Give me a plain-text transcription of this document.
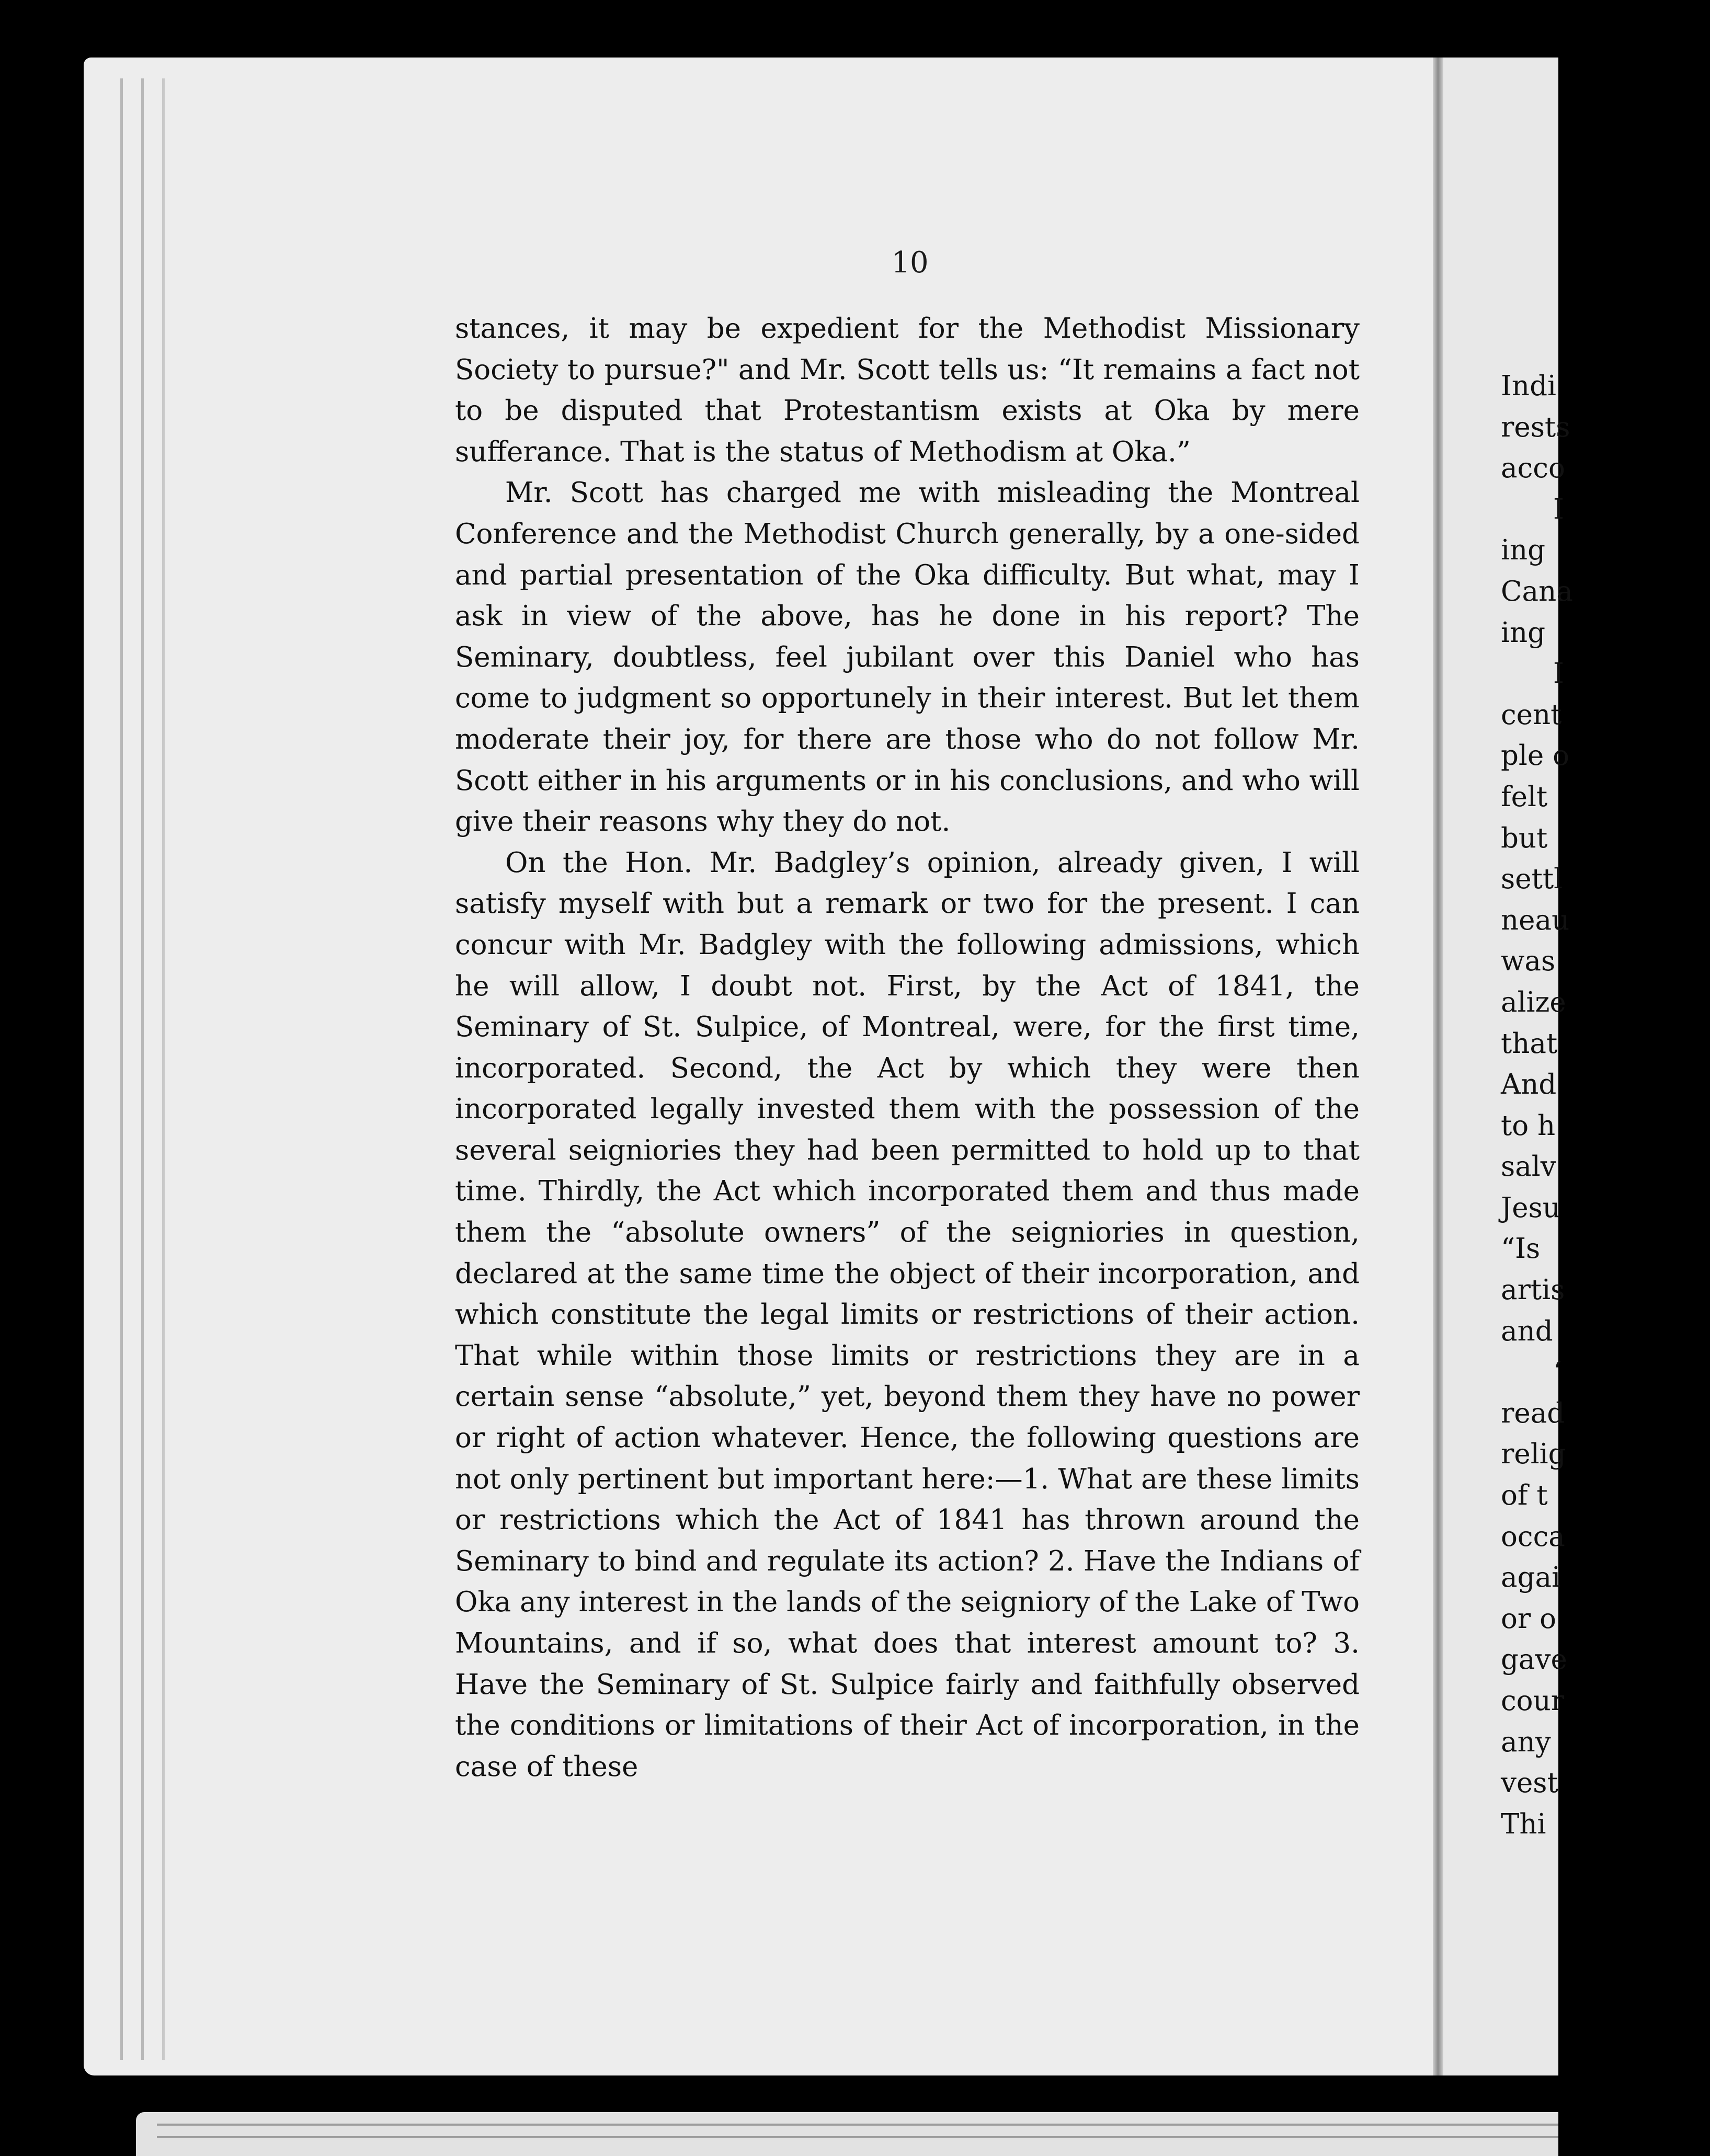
Indi
rests
acco
I
ing
Cana
ing
I
cent
ple o
felt
but
settl
neau
was
alize
that
And
to h
salv
Jesu
“Is
artis
and
‘
read
relig
of t
occa
agai
or o
gave
cour
any
vest
Thi
10

stances, it may be expedient for the Methodist Missionary Society to pursue?" and Mr. Scott tells us: “It remains a fact not to be disputed that Protestantism exists at Oka by mere sufferance. That is the status of Methodism at Oka.”

Mr. Scott has charged me with misleading the Montreal Conference and the Methodist Church generally, by a one-sided and partial presentation of the Oka difficulty. But what, may I ask in view of the above, has he done in his report? The Seminary, doubtless, feel jubilant over this Daniel who has come to judgment so opportunely in their interest. But let them moderate their joy, for there are those who do not follow Mr. Scott either in his arguments or in his conclusions, and who will give their reasons why they do not.

On the Hon. Mr. Badgley’s opinion, already given, I will satisfy myself with but a remark or two for the present. I can concur with Mr. Badgley with the following admissions, which he will allow, I doubt not. First, by the Act of 1841, the Seminary of St. Sulpice, of Montreal, were, for the first time, incorporated. Second, the Act by which they were then incorporated legally invested them with the possession of the several seigniories they had been permitted to hold up to that time. Thirdly, the Act which incorporated them and thus made them the “absolute owners” of the seigniories in question, declared at the same time the object of their incorporation, and which constitute the legal limits or restrictions of their action. That while within those limits or restrictions they are in a certain sense “absolute,” yet, beyond them they have no power or right of action whatever. Hence, the following questions are not only pertinent but important here:—1. What are these limits or restrictions which the Act of 1841 has thrown around the Seminary to bind and regulate its action? 2. Have the Indians of Oka any interest in the lands of the seigniory of the Lake of Two Mountains, and if so, what does that interest amount to? 3. Have the Seminary of St. Sulpice fairly and faithfully observed the conditions or limitations of their Act of incorporation, in the case of these
